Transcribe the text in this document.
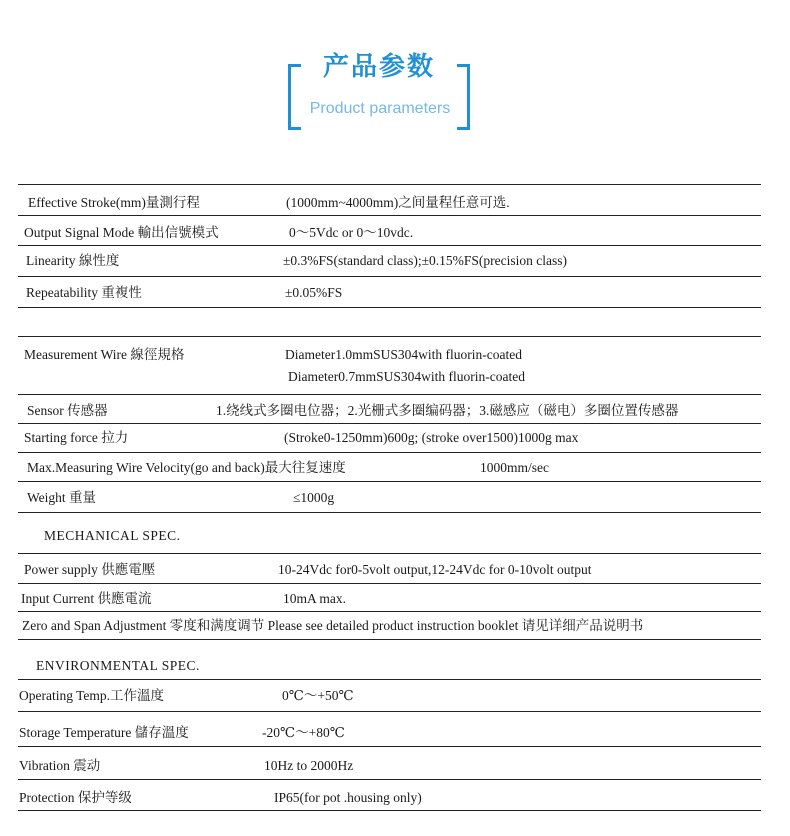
产品参数
Product parameters
Effective Stroke(mm)量測行程	(1000mm~4000mm)之间量程任意可选.
Output Signal Mode 輸出信號模式	0～5Vdc or 0～10vdc.
Linearity 線性度	±0.3%FS(standard class);±0.15%FS(precision class)
Repeatability 重複性	±0.05%FS
Measurement Wire 線徑規格	Diameter1.0mmSUS304with fluorin-coated
Diameter0.7mmSUS304with fluorin-coated
Sensor 传感器	1.绕线式多圈电位器；2.光栅式多圈编码器；3.磁感应（磁电）多圈位置传感器
Starting force 拉力	(Stroke0-1250mm)600g; (stroke over1500)1000g max
Max.Measuring Wire Velocity(go and back)最大往复速度	1000mm/sec
Weight 重量	≤1000g
MECHANICAL SPEC.
Power supply 供應電壓	10-24Vdc for0-5volt output,12-24Vdc for 0-10volt output
Input Current 供應電流	10mA max.
Zero and Span Adjustment 零度和满度调节 Please see detailed product instruction booklet 请见详细产品说明书
ENVIRONMENTAL SPEC.
Operating Temp.工作溫度	0℃～+50℃
Storage Temperature 儲存溫度	-20℃～+80℃
Vibration 震动	10Hz to 2000Hz
Protection 保护等级	IP65(for pot .housing only)
